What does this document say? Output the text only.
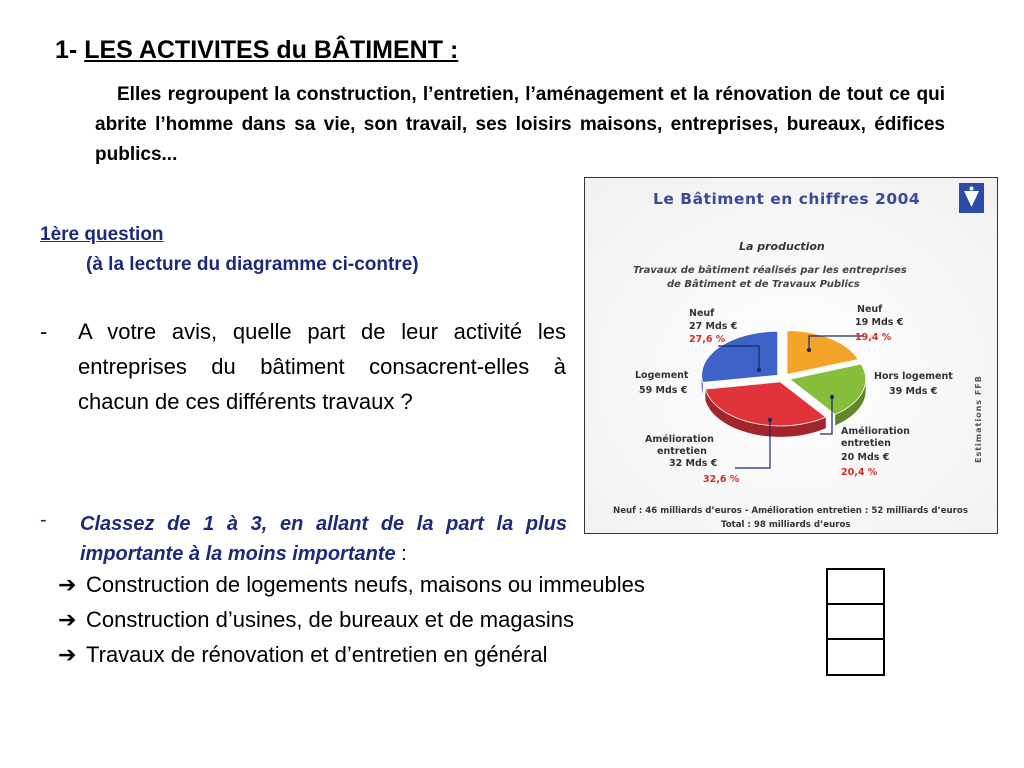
1- LES ACTIVITES du BÂTIMENT :
Elles regroupent la construction, l’entretien, l’aménagement et la rénovation de tout ce qui abrite l’homme dans sa vie, son travail, ses loisirs maisons, entreprises, bureaux, édifices publics...
1ère question
(à la lecture du diagramme ci-contre)
- A votre avis, quelle part de leur activité les entreprises du bâtiment consacrent-elles à chacun de ces différents travaux ?
- Classez de 1 à 3, en allant de la part la plus importante à la moins importante :
➔ Construction de logements neufs, maisons ou immeubles
➔ Construction d’usines, de bureaux et de magasins
➔ Travaux de rénovation et d’entretien en général
Le Bâtiment en chiffres 2004
La production
Travaux de bâtiment réalisés par les entreprises
de Bâtiment et de Travaux Publics
Neuf
27 Mds €
27,6 %
Neuf
19 Mds €
19,4 %
Logement
59 Mds €
Hors logement
39 Mds €
Amélioration
entretien
20 Mds €
20,4 %
Amélioration
entretien
32 Mds €
32,6 %
Estimations FFB
Neuf : 46 milliards d’euros - Amélioration entretien : 52 milliards d’euros
Total : 98 milliards d’euros
